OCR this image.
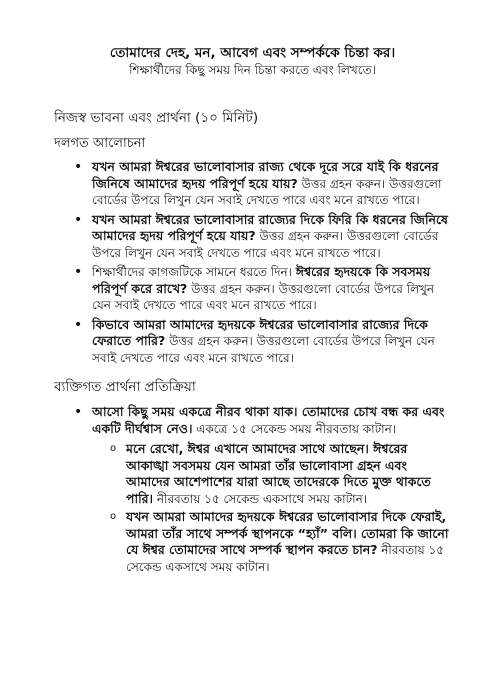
তোমাদের দেহ, মন, আবেগ এবং সম্পর্ককে চিন্তা কর।
শিক্ষার্থীদের কিছু সময় দিন চিন্তা করতে এবং লিখতে।
নিজস্ব ভাবনা এবং প্রার্থনা (১০ মিনিট)
দলগত আলোচনা
• যখন আমরা ঈশ্বরের ভালোবাসার রাজ্য থেকে দূরে সরে যাই কি ধরনের জিনিষে আমাদের হৃদয় পরিপূর্ণ হয়ে যায়? উত্তর গ্রহন করুন। উত্তরগুলো বোর্ডের উপরে লিখুন যেন সবাই দেখতে পারে এবং মনে রাখতে পারে।
• যখন আমরা ঈশ্বরের ভালোবাসার রাজ্যের দিকে ফিরি কি ধরনের জিনিষে আমাদের হৃদয় পরিপূর্ণ হয়ে যায়? উত্তর গ্রহন করুন। উত্তরগুলো বোর্ডের উপরে লিখুন যেন সবাই দেখতে পারে এবং মনে রাখতে পারে।
• শিক্ষার্থীদের কাগজটিকে সামনে ধরতে দিন। ঈশ্বরের হৃদয়কে কি সবসময় পরিপূর্ণ করে রাখে? উত্তর গ্রহন করুন। উত্তরগুলো বোর্ডের উপরে লিখুন যেন সবাই দেখতে পারে এবং মনে রাখতে পারে।
• কিভাবে আমরা আমাদের হৃদয়কে ঈশ্বরের ভালোবাসার রাজ্যের দিকে ফেরাতে পারি? উত্তর গ্রহন করুন। উত্তরগুলো বোর্ডের উপরে লিখুন যেন সবাই দেখতে পারে এবং মনে রাখতে পারে।
ব্যক্তিগত প্রার্থনা প্রতিক্রিয়া
• আসো কিছু সময় একত্রে নীরব থাকা যাক। তোমাদের চোখ বন্ধ কর এবং একটি দীর্ঘশ্বাস নেও। একত্রে ১৫ সেকেন্ড সময় নীরবতায় কাটান।
o মনে রেখো, ঈশ্বর এখানে আমাদের সাথে আছেন। ঈশ্বরের আকাঙ্খা সবসময় যেন আমরা তাঁর ভালোবাসা গ্রহন এবং আমাদের আশেপাশের যারা আছে তাদেরকে দিতে মুক্ত থাকতে পারি। নীরবতায় ১৫ সেকেন্ড একসাথে সময় কাটান।
o যখন আমরা আমাদের হৃদয়কে ঈশ্বরের ভালোবাসার দিকে ফেরাই, আমরা তাঁর সাথে সম্পর্ক স্থাপনকে “হ্যাঁ” বলি। তোমরা কি জানো যে ঈশ্বর তোমাদের সাথে সম্পর্ক স্থাপন করতে চান? নীরবতায় ১৫ সেকেন্ড একসাথে সময় কাটান।
